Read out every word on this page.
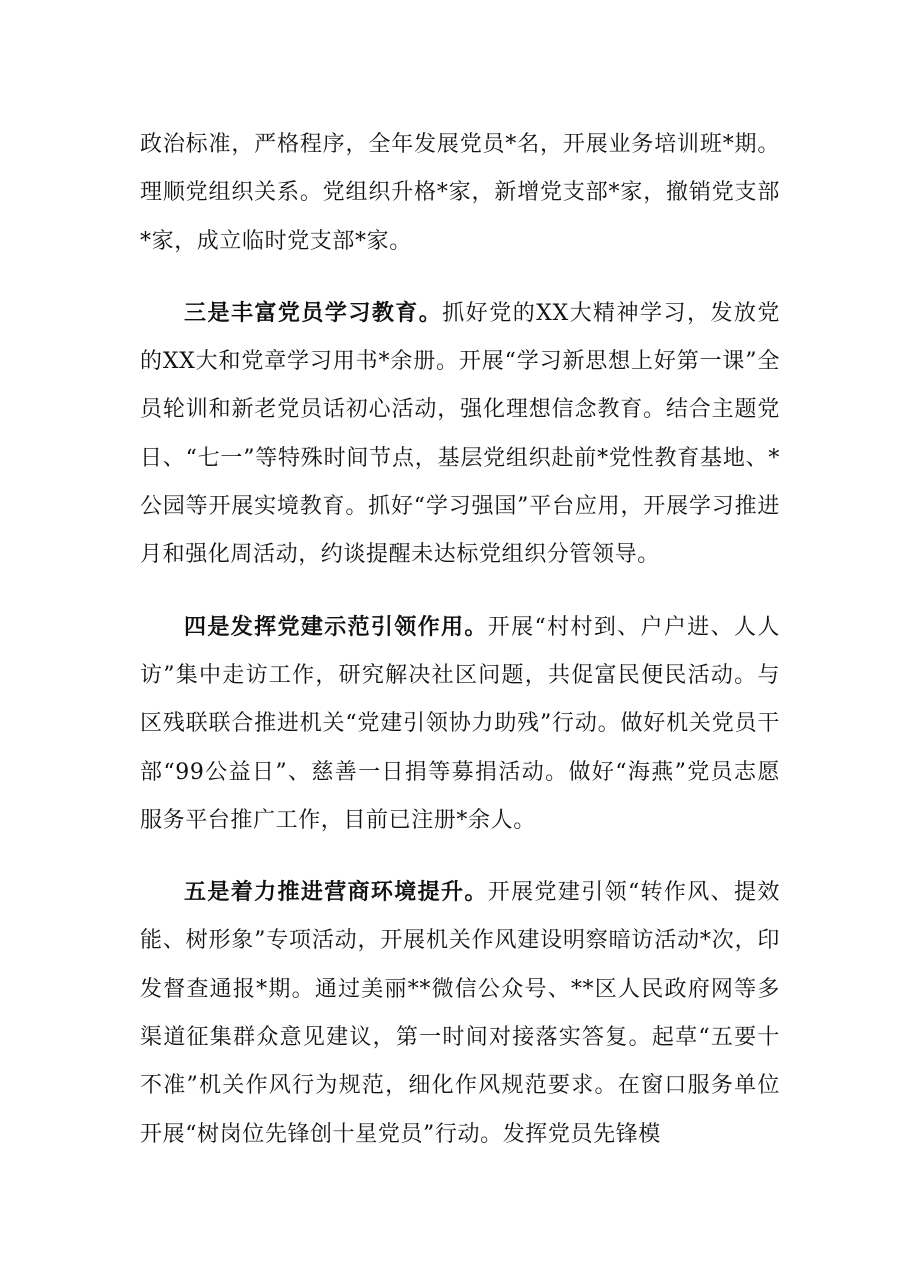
政治标准，严格程序，全年发展党员*名，开展业务培训班*期。理顺党组织关系。党组织升格*家，新增党支部*家，撤销党支部*家，成立临时党支部*家。

三是丰富党员学习教育。抓好党的XX大精神学习，发放党的XX大和党章学习用书*余册。开展“学习新思想上好第一课”全员轮训和新老党员话初心活动，强化理想信念教育。结合主题党日、“七一”等特殊时间节点，基层党组织赴前*党性教育基地、*公园等开展实境教育。抓好“学习强国”平台应用，开展学习推进月和强化周活动，约谈提醒未达标党组织分管领导。

四是发挥党建示范引领作用。开展“村村到、户户进、人人访”集中走访工作，研究解决社区问题，共促富民便民活动。与区残联联合推进机关“党建引领协力助残”行动。做好机关党员干部“99公益日”、慈善一日捐等募捐活动。做好“海燕”党员志愿服务平台推广工作，目前已注册*余人。

五是着力推进营商环境提升。开展党建引领“转作风、提效能、树形象”专项活动，开展机关作风建设明察暗访活动*次，印发督查通报*期。通过美丽**微信公众号、**区人民政府网等多渠道征集群众意见建议，第一时间对接落实答复。起草“五要十不准”机关作风行为规范，细化作风规范要求。在窗口服务单位开展“树岗位先锋创十星党员”行动。发挥党员先锋模
